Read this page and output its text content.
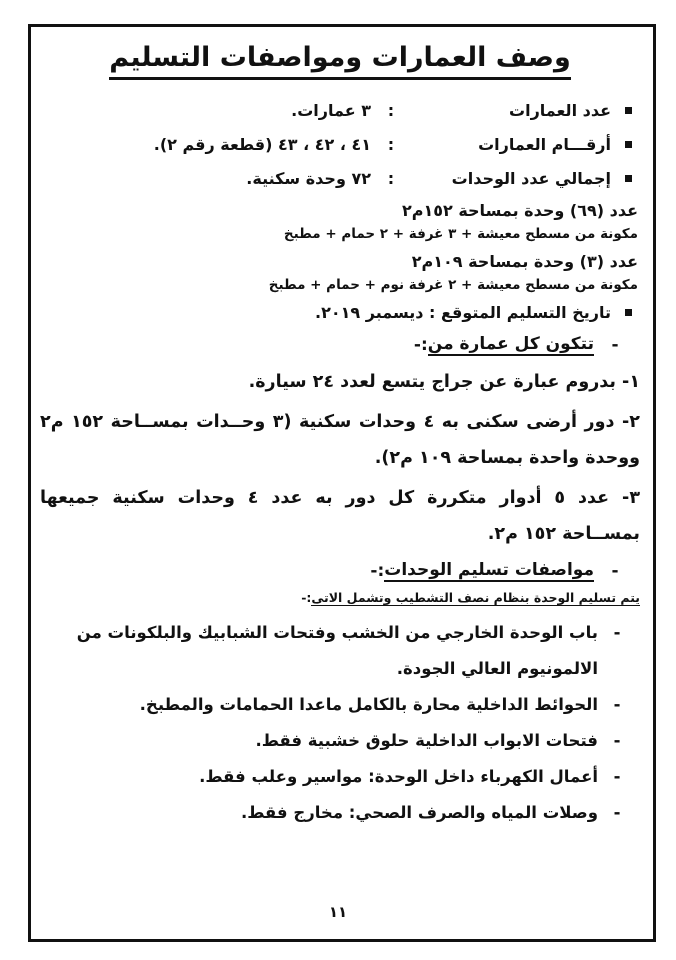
وصف العمارات ومواصفات التسليم
عدد العمارات
:
٣ عمارات.
أرقـــام العمارات
:
٤١ ، ٤٢ ، ٤٣ (قطعة رقم ٢).
إجمالي عدد الوحدات
:
٧٢ وحدة سكنية.
عدد (٦٩) وحدة بمساحة ١٥٢م٢
مكونة من مسطح معيشة + ٣ غرفة + ٢ حمام + مطبخ
عدد (٣) وحدة بمساحة ١٠٩م٢
مكونة من مسطح معيشة + ٢ غرفة نوم + حمام + مطبخ
تاريخ التسليم المتوقع : ديسمبر ٢٠١٩.
-
تتكون كل عمارة من
:-
١- بدروم عبارة عن جراج يتسع لعدد ٢٤ سيارة.
٢- دور أرضى سكنى به ٤ وحدات سكنية (٣ وحــدات بمســاحة ١٥٢ م٢ ووحدة واحدة بمساحة ١٠٩ م٢).
٣- عدد ٥ أدوار متكررة كل دور به عدد ٤ وحدات سكنية جميعها بمســاحة ١٥٢ م٢.
-
مواصفات تسليم الوحدات
:-
يتم تسليم الوحدة بنظام نصف التشطيب وتشمل الاتى:-
-
باب الوحدة الخارجي من الخشب وفتحات الشبابيك والبلكونات من الالمونيوم العالي الجودة.
-
الحوائط الداخلية محارة بالكامل ماعدا الحمامات والمطبخ.
-
فتحات الابواب الداخلية حلوق خشبية فقط.
-
أعمال الكهرباء داخل الوحدة: مواسير وعلب فقط.
-
وصلات المياه والصرف الصحي: مخارج فقط.
١١
